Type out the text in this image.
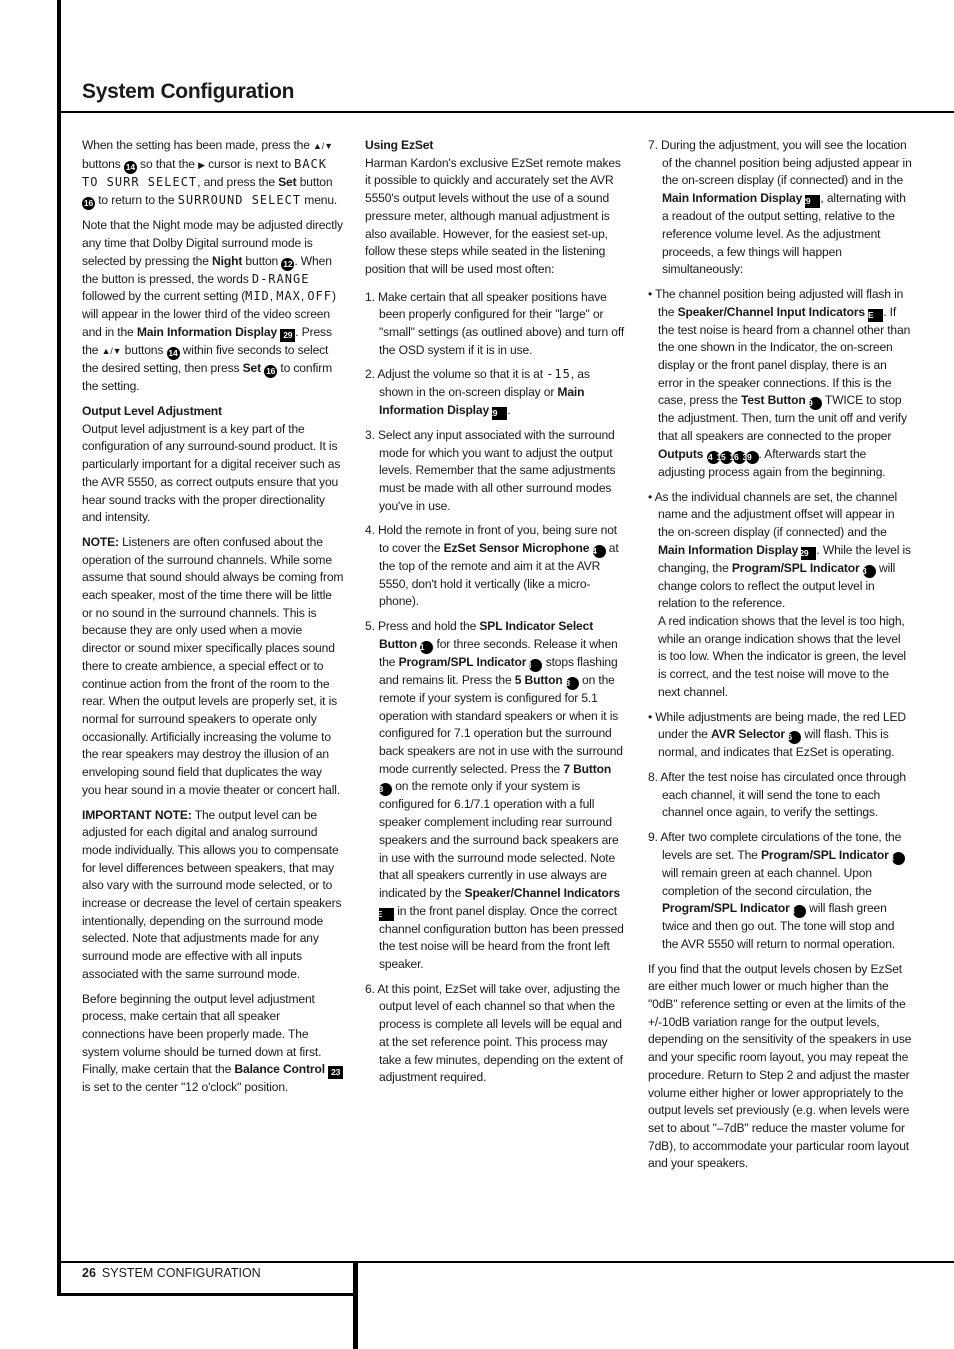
System Configuration

When the setting has been made, press the ▲/▼ buttons 14 so that the ▶ cursor is next to BACK TO SURR SELECT, and press the Set button 16 to return to the SURROUND SELECT menu.

Note that the Night mode may be adjusted directly any time that Dolby Digital surround mode is selected by pressing the Night button 12 . When the button is pressed, the words D-RANGE followed by the current setting (MID, MAX, OFF) will appear in the lower third of the video screen and in the Main Information Display 29 . Press the ▲/▼ buttons 14 within five seconds to select the desired setting, then press Set 16 to confirm the setting.

Output Level Adjustment
Output level adjustment is a key part of the configuration of any surround-sound product. It is particularly important for a digital receiver such as the AVR 5550, as correct outputs ensure that you hear sound tracks with the proper directionality and intensity.

NOTE: Listeners are often confused about the operation of the surround channels. While some assume that sound should always be coming from each speaker, most of the time there will be little or no sound in the surround channels. This is because they are only used when a movie director or sound mixer specifically places sound there to create ambience, a special effect or to continue action from the front of the room to the rear. When the output levels are properly set, it is normal for surround speakers to operate only occasionally. Artificially increasing the volume to the rear speakers may destroy the illusion of an enveloping sound field that duplicates the way you hear sound in a movie theater or concert hall.

IMPORTANT NOTE: The output level can be adjusted for each digital and analog surround mode individually. This allows you to compensate for level differences between speakers, that may also vary with the surround mode selected, or to increase or decrease the level of certain speakers intentionally, depending on the surround mode selected. Note that adjustments made for any surround mode are effective with all inputs associated with the same surround mode.

Before beginning the output level adjustment process, make certain that all speaker connections have been properly made. The system volume should be turned down at first. Finally, make certain that the Balance Control 23 is set to the center "12 o'clock" position.

Using EzSet
Harman Kardon's exclusive EzSet remote makes it possible to quickly and accurately set the AVR 5550's output levels without the use of a sound pressure meter, although manual adjustment is also available. However, for the easiest set-up, follow these steps while seated in the listening position that will be used most often:

1. Make certain that all speaker positions have been properly configured for their "large" or "small" settings (as outlined above) and turn off the OSD system if it is in use.

2. Adjust the volume so that it is at -15, as shown in the on-screen display or Main Information Display 29 .

3. Select any input associated with the surround mode for which you want to adjust the output levels. Remember that the same adjustments must be made with all other surround modes you've in use.

4. Hold the remote in front of you, being sure not to cover the EzSet Sensor Microphone 44 at the top of the remote and aim it at the AVR 5550, don't hold it vertically (like a micro-phone).

5. Press and hold the SPL Indicator Select Button 41 for three seconds. Release it when the Program/SPL Indicator 3 stops flashing and remains lit. Press the 5 Button 18 on the remote if your system is configured for 5.1 operation with standard speakers or when it is configured for 7.1 operation but the surround back speakers are not in use with the surround mode currently selected. Press the 7 Button 18 on the remote only if your system is configured for 6.1/7.1 operation with a full speaker complement including rear surround speakers and the surround back speakers are in use with the surround mode selected. Note that all speakers currently in use always are indicated by the Speaker/Channel Indicators E in the front panel display. Once the correct channel configuration button has been pressed the test noise will be heard from the front left speaker.

6. At this point, EzSet will take over, adjusting the output level of each channel so that when the process is complete all levels will be equal and at the set reference point. This process may take a few minutes, depending on the extent of adjustment required.

7. During the adjustment, you will see the location of the channel position being adjusted appear in the on-screen display (if connected) and in the Main Information Display 29 , alternating with a readout of the output setting, relative to the reference volume level. As the adjustment proceeds, a few things will happen simultaneously:

• The channel position being adjusted will flash in the Speaker/Channel Input Indicators E . If the test noise is heard from a channel other than the one shown in the Indicator, the on-screen display or the front panel display, there is an error in the speaker connections. If this is the case, press the Test Button 9 TWICE to stop the adjustment. Then, turn the unit off and verify that all speakers are connected to the proper Outputs 14 15 16 39 . Afterwards start the adjusting process again from the beginning.

• As the individual channels are set, the channel name and the adjustment offset will appear in the on-screen display (if connected) and the Main Information Display 29 . While the level is changing, the Program/SPL Indicator 3 will change colors to reflect the output level in relation to the reference.
A red indication shows that the level is too high, while an orange indication shows that the level is too low. When the indicator is green, the level is correct, and the test noise will move to the next channel.

• While adjustments are being made, the red LED under the AVR Selector 6 will flash. This is normal, and indicates that EzSet is operating.

8. After the test noise has circulated once through each channel, it will send the tone to each channel once again, to verify the settings.

9. After two complete circulations of the tone, the levels are set. The Program/SPL Indicator 3 will remain green at each channel. Upon completion of the second circulation, the Program/SPL Indicator 3 will flash green twice and then go out. The tone will stop and the AVR 5550 will return to normal operation.

If you find that the output levels chosen by EzSet are either much lower or much higher than the "0dB" reference setting or even at the limits of the +/-10dB variation range for the output levels, depending on the sensitivity of the speakers in use and your specific room layout, you may repeat the procedure. Return to Step 2 and adjust the master volume either higher or lower appropriately to the output levels set previously (e.g. when levels were set to about "–7dB" reduce the master volume for 7dB), to accommodate your particular room layout and your speakers.

26 SYSTEM CONFIGURATION
